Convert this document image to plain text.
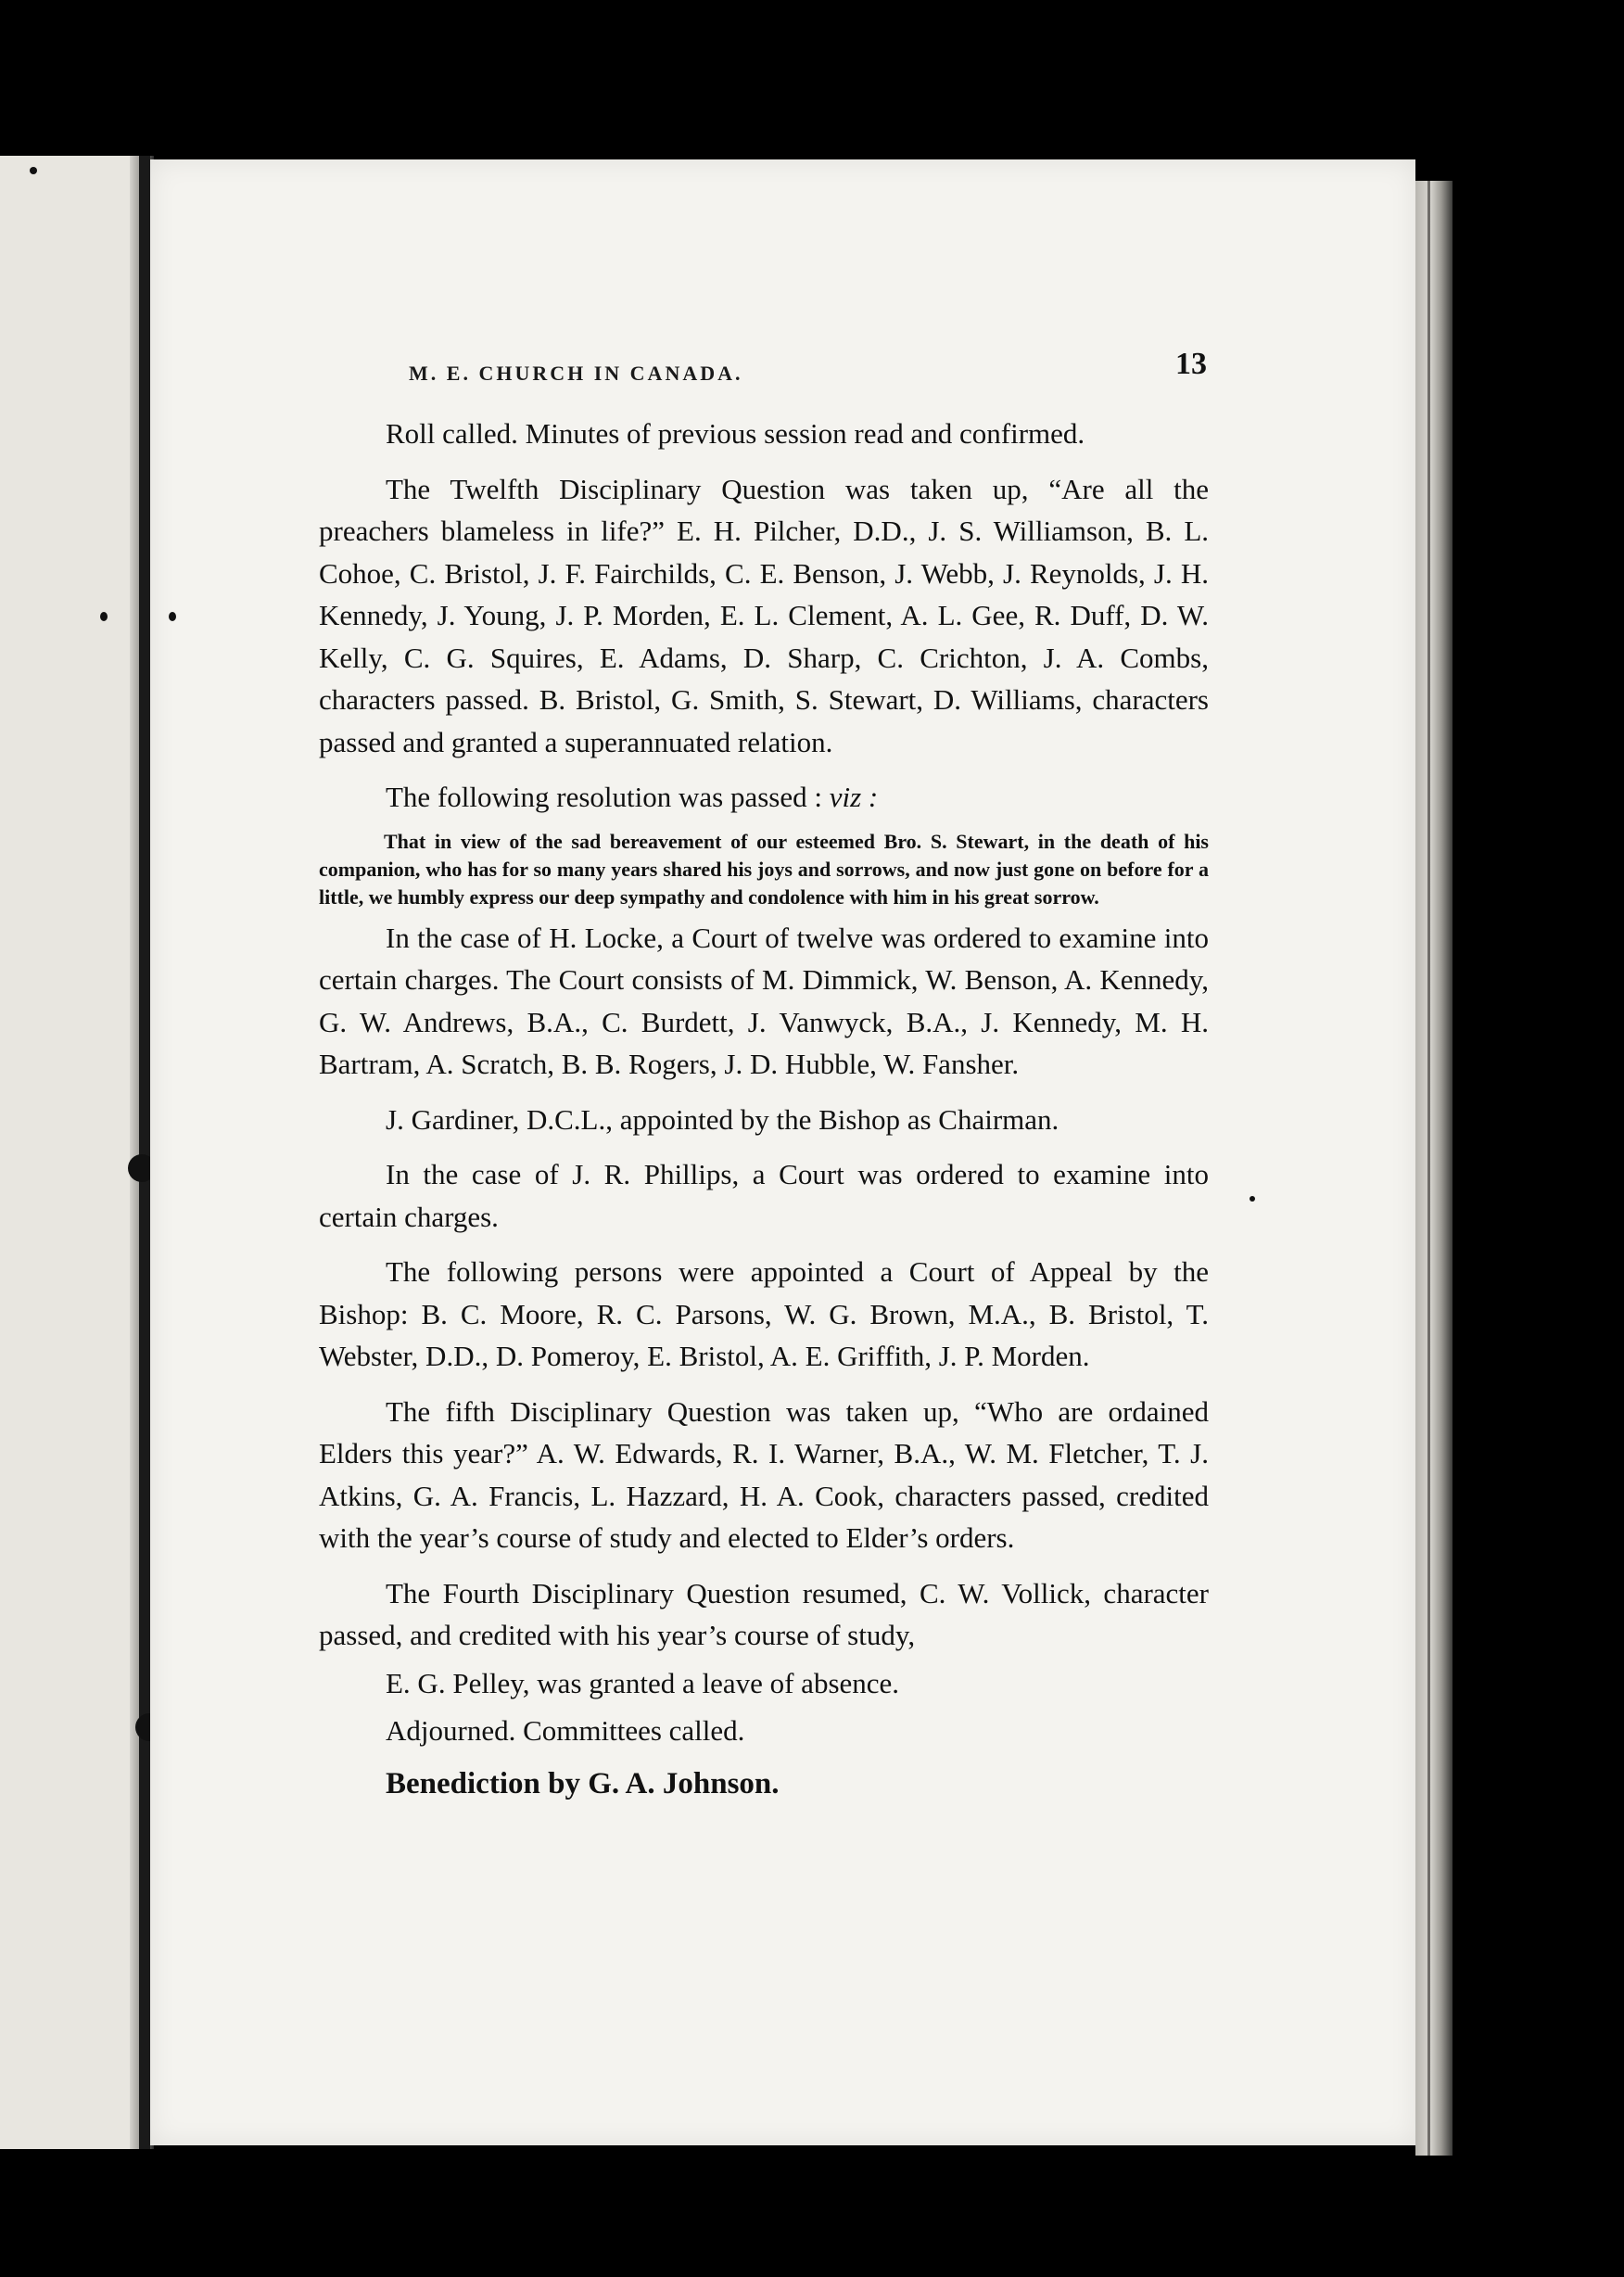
M. E. CHURCH IN CANADA.	13

Roll called. Minutes of previous session read and confirmed.

The Twelfth Disciplinary Question was taken up, “Are all the preachers blameless in life?” E. H. Pilcher, D.D., J. S. Williamson, B. L. Cohoe, C. Bristol, J. F. Fairchilds, C. E. Benson, J. Webb, J. Reynolds, J. H. Kennedy, J. Young, J. P. Morden, E. L. Clement, A. L. Gee, R. Duff, D. W. Kelly, C. G. Squires, E. Adams, D. Sharp, C. Crichton, J. A. Combs, characters passed. B. Bristol, G. Smith, S. Stewart, D. Williams, characters passed and granted a superannuated relation.

The following resolution was passed : viz :

That in view of the sad bereavement of our esteemed Bro. S. Stewart, in the death of his companion, who has for so many years shared his joys and sorrows, and now just gone on before for a little, we humbly express our deep sympathy and condolence with him in his great sorrow.

In the case of H. Locke, a Court of twelve was ordered to examine into certain charges. The Court consists of M. Dimmick, W. Benson, A. Kennedy, G. W. Andrews, B.A., C. Burdett, J. Vanwyck, B.A., J. Kennedy, M. H. Bartram, A. Scratch, B. B. Rogers, J. D. Hubble, W. Fansher.

J. Gardiner, D.C.L., appointed by the Bishop as Chairman.

In the case of J. R. Phillips, a Court was ordered to examine into certain charges.

The following persons were appointed a Court of Appeal by the Bishop: B. C. Moore, R. C. Parsons, W. G. Brown, M.A., B. Bristol, T. Webster, D.D., D. Pomeroy, E. Bristol, A. E. Griffith, J. P. Morden.

The fifth Disciplinary Question was taken up, “Who are ordained Elders this year?” A. W. Edwards, R. I. Warner, B.A., W. M. Fletcher, T. J. Atkins, G. A. Francis, L. Hazzard, H. A. Cook, characters passed, credited with the year’s course of study and elected to Elder’s orders.

The Fourth Disciplinary Question resumed, C. W. Vollick, character passed, and credited with his year’s course of study,

E. G. Pelley, was granted a leave of absence.

Adjourned. Committees called.

Benediction by G. A. Johnson.
